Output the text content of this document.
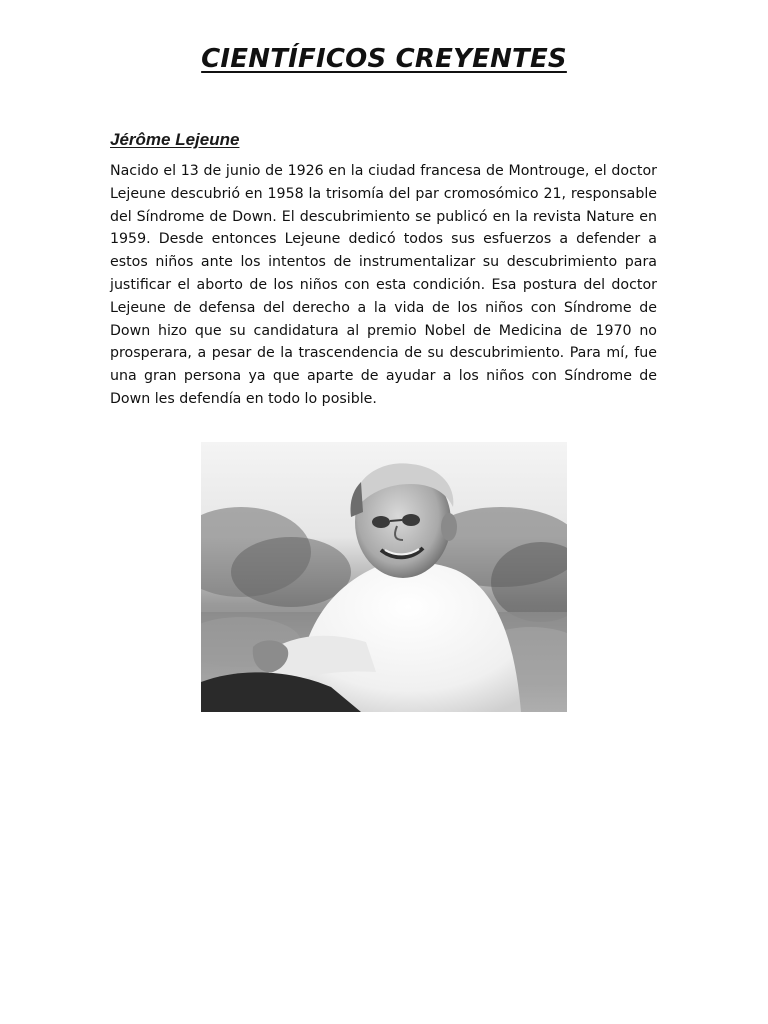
CIENTÍFICOS CREYENTES
Jérôme Lejeune

Nacido el 13 de junio de 1926 en la ciudad francesa de Montrouge, el doctor Lejeune descubrió en 1958 la trisomía del par cromosómico 21, responsable del Síndrome de Down. El descubrimiento se publicó en la revista Nature en 1959. Desde entonces Lejeune dedicó todos sus esfuerzos a defender a estos niños ante los intentos de instrumentalizar su descubrimiento para justificar el aborto de los niños con esta condición. Esa postura del doctor Lejeune de defensa del derecho a la vida de los niños con Síndrome de Down hizo que su candidatura al premio Nobel de Medicina de 1970 no prosperara, a pesar de la trascendencia de su descubrimiento. Para mí, fue una gran persona ya que aparte de ayudar a los niños con Síndrome de Down les defendía en todo lo posible.
